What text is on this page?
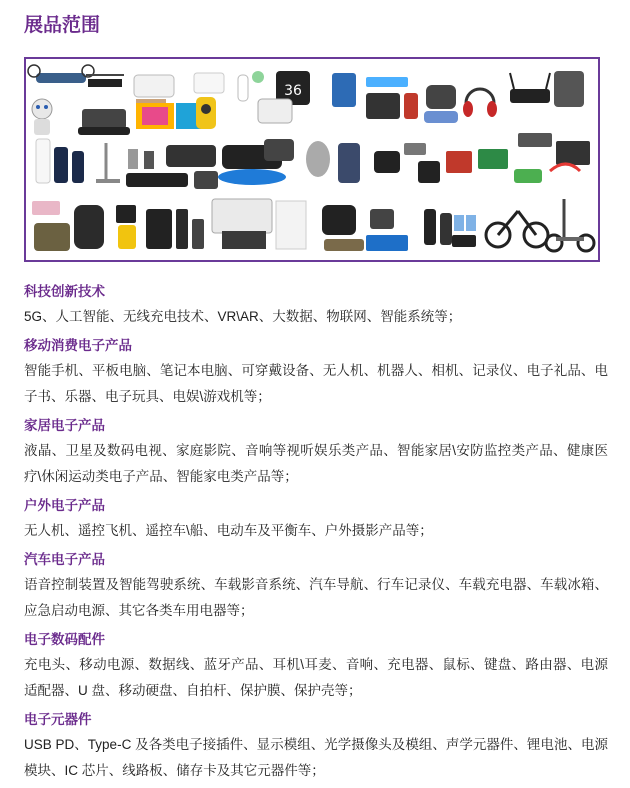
展品范围
36

科技创新技术

5G、人工智能、无线充电技术、VR\AR、大数据、物联网、智能系统等；

移动消费电子产品

智能手机、平板电脑、笔记本电脑、可穿戴设备、无人机、机器人、相机、记录仪、电子礼品、电子书、乐器、电子玩具、电娱\游戏机等；

家居电子产品

液晶、卫星及数码电视、家庭影院、音响等视听娱乐类产品、智能家居\安防监控类产品、健康医疗\休闲运动类电子产品、智能家电类产品等；

户外电子产品

无人机、遥控飞机、遥控车\船、电动车及平衡车、户外摄影产品等；

汽车电子产品

语音控制装置及智能驾驶系统、车载影音系统、汽车导航、行车记录仪、车载充电器、车载冰箱、应急启动电源、其它各类车用电器等；

电子数码配件

充电头、移动电源、数据线、蓝牙产品、耳机\耳麦、音响、充电器、鼠标、键盘、路由器、电源适配器、U 盘、移动硬盘、自拍杆、保护膜、保护壳等；

电子元器件

USB PD、Type-C 及各类电子接插件、显示模组、光学摄像头及模组、声学元器件、锂电池、电源模块、IC 芯片、线路板、储存卡及其它元器件等；
